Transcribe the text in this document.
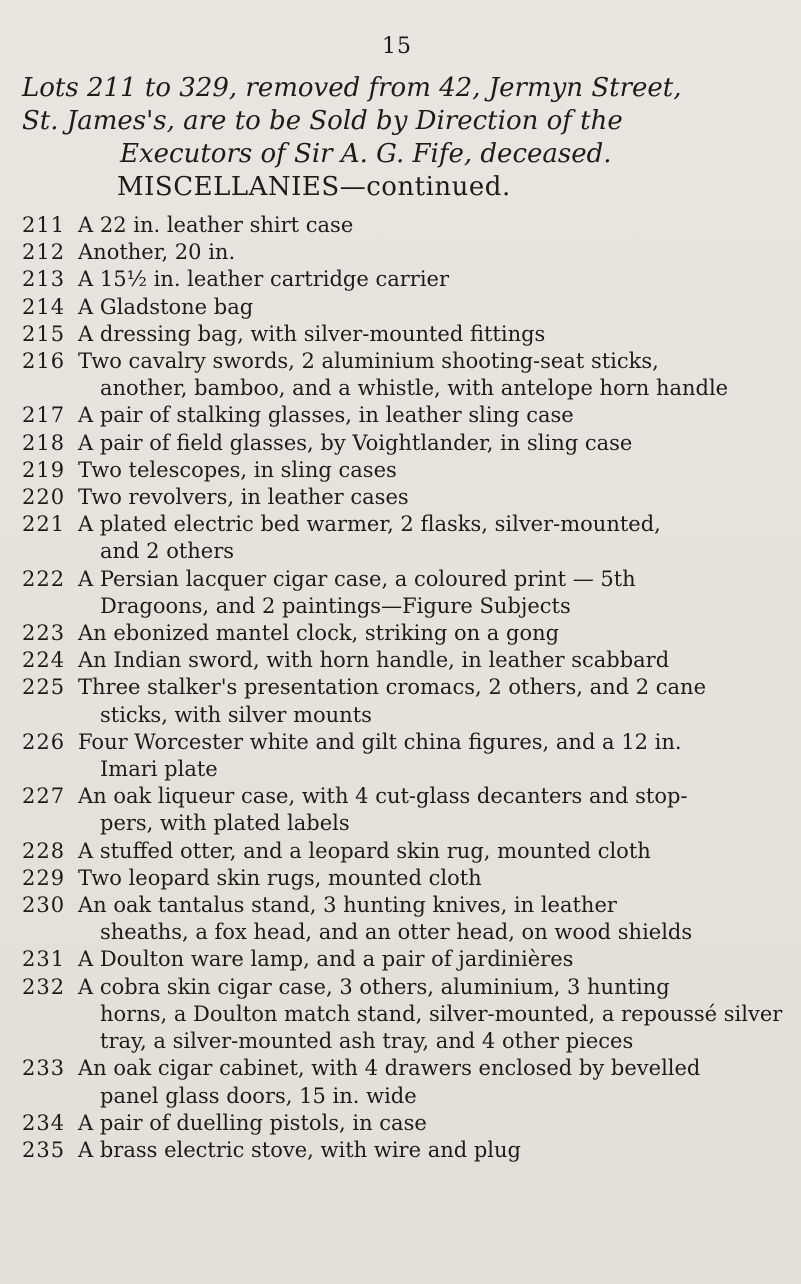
15
Lots 211 to 329, removed from 42, Jermyn Street,
St. James's, are to be Sold by Direction of the
Executors of Sir A. G. Fife, deceased.
MISCELLANIES—continued.
211 A 22 in. leather shirt case
212 Another, 20 in.
213 A 15½ in. leather cartridge carrier
214 A Gladstone bag
215 A dressing bag, with silver-mounted fittings
216 Two cavalry swords, 2 aluminium shooting-seat sticks,
another, bamboo, and a whistle, with antelope horn handle
217 A pair of stalking glasses, in leather sling case
218 A pair of field glasses, by Voightlander, in sling case
219 Two telescopes, in sling cases
220 Two revolvers, in leather cases
221 A plated electric bed warmer, 2 flasks, silver-mounted,
and 2 others
222 A Persian lacquer cigar case, a coloured print — 5th
Dragoons, and 2 paintings—Figure Subjects
223 An ebonized mantel clock, striking on a gong
224 An Indian sword, with horn handle, in leather scabbard
225 Three stalker's presentation cromacs, 2 others, and 2 cane
sticks, with silver mounts
226 Four Worcester white and gilt china figures, and a 12 in.
Imari plate
227 An oak liqueur case, with 4 cut-glass decanters and stop-
pers, with plated labels
228 A stuffed otter, and a leopard skin rug, mounted cloth
229 Two leopard skin rugs, mounted cloth
230 An oak tantalus stand, 3 hunting knives, in leather
sheaths, a fox head, and an otter head, on wood shields
231 A Doulton ware lamp, and a pair of jardinières
232 A cobra skin cigar case, 3 others, aluminium, 3 hunting
horns, a Doulton match stand, silver-mounted, a repoussé silver tray, a silver-mounted ash tray, and 4 other pieces
233 An oak cigar cabinet, with 4 drawers enclosed by bevelled
panel glass doors, 15 in. wide
234 A pair of duelling pistols, in case
235 A brass electric stove, with wire and plug
